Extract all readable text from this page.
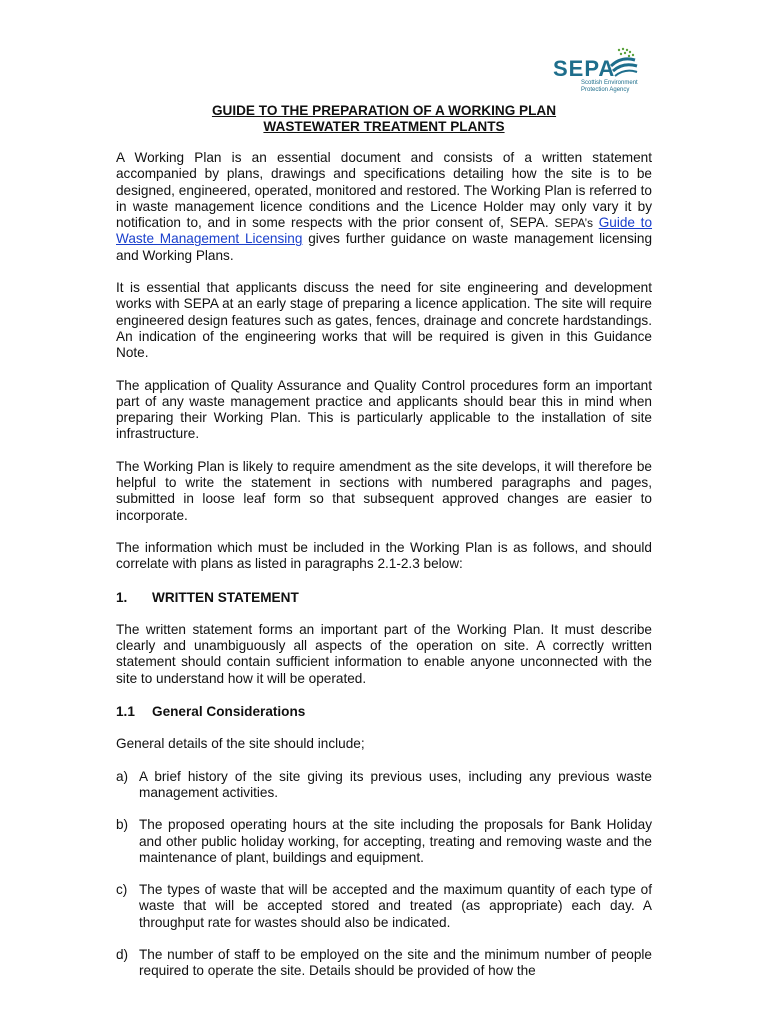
SEPA
Scottish Environment
Protection Agency

GUIDE TO THE PREPARATION OF A WORKING PLAN

WASTEWATER TREATMENT PLANTS

A Working Plan is an essential document and consists of a written statement accompanied by plans, drawings and specifications detailing how the site is to be designed, engineered, operated, monitored and restored. The Working Plan is referred to in waste management licence conditions and the Licence Holder may only vary it by notification to, and in some respects with the prior consent of, SEPA. SEPA’s Guide to Waste Management Licensing gives further guidance on waste management licensing and Working Plans.

It is essential that applicants discuss the need for site engineering and development works with SEPA at an early stage of preparing a licence application. The site will require engineered design features such as gates, fences, drainage and concrete hardstandings. An indication of the engineering works that will be required is given in this Guidance Note.

The application of Quality Assurance and Quality Control procedures form an important part of any waste management practice and applicants should bear this in mind when preparing their Working Plan. This is particularly applicable to the installation of site infrastructure.

The Working Plan is likely to require amendment as the site develops, it will therefore be helpful to write the statement in sections with numbered paragraphs and pages, submitted in loose leaf form so that subsequent approved changes are easier to incorporate.

The information which must be included in the Working Plan is as follows, and should correlate with plans as listed in paragraphs 2.1-2.3 below:

1.	WRITTEN STATEMENT

The written statement forms an important part of the Working Plan. It must describe clearly and unambiguously all aspects of the operation on site. A correctly written statement should contain sufficient information to enable anyone unconnected with the site to understand how it will be operated.

1.1	General Considerations

General details of the site should include;

a) A brief history of the site giving its previous uses, including any previous waste management activities.
b) The proposed operating hours at the site including the proposals for Bank Holiday and other public holiday working, for accepting, treating and removing waste and the maintenance of plant, buildings and equipment.
c) The types of waste that will be accepted and the maximum quantity of each type of waste that will be accepted stored and treated (as appropriate) each day. A throughput rate for wastes should also be indicated.
d) The number of staff to be employed on the site and the minimum number of people required to operate the site. Details should be provided of how the
